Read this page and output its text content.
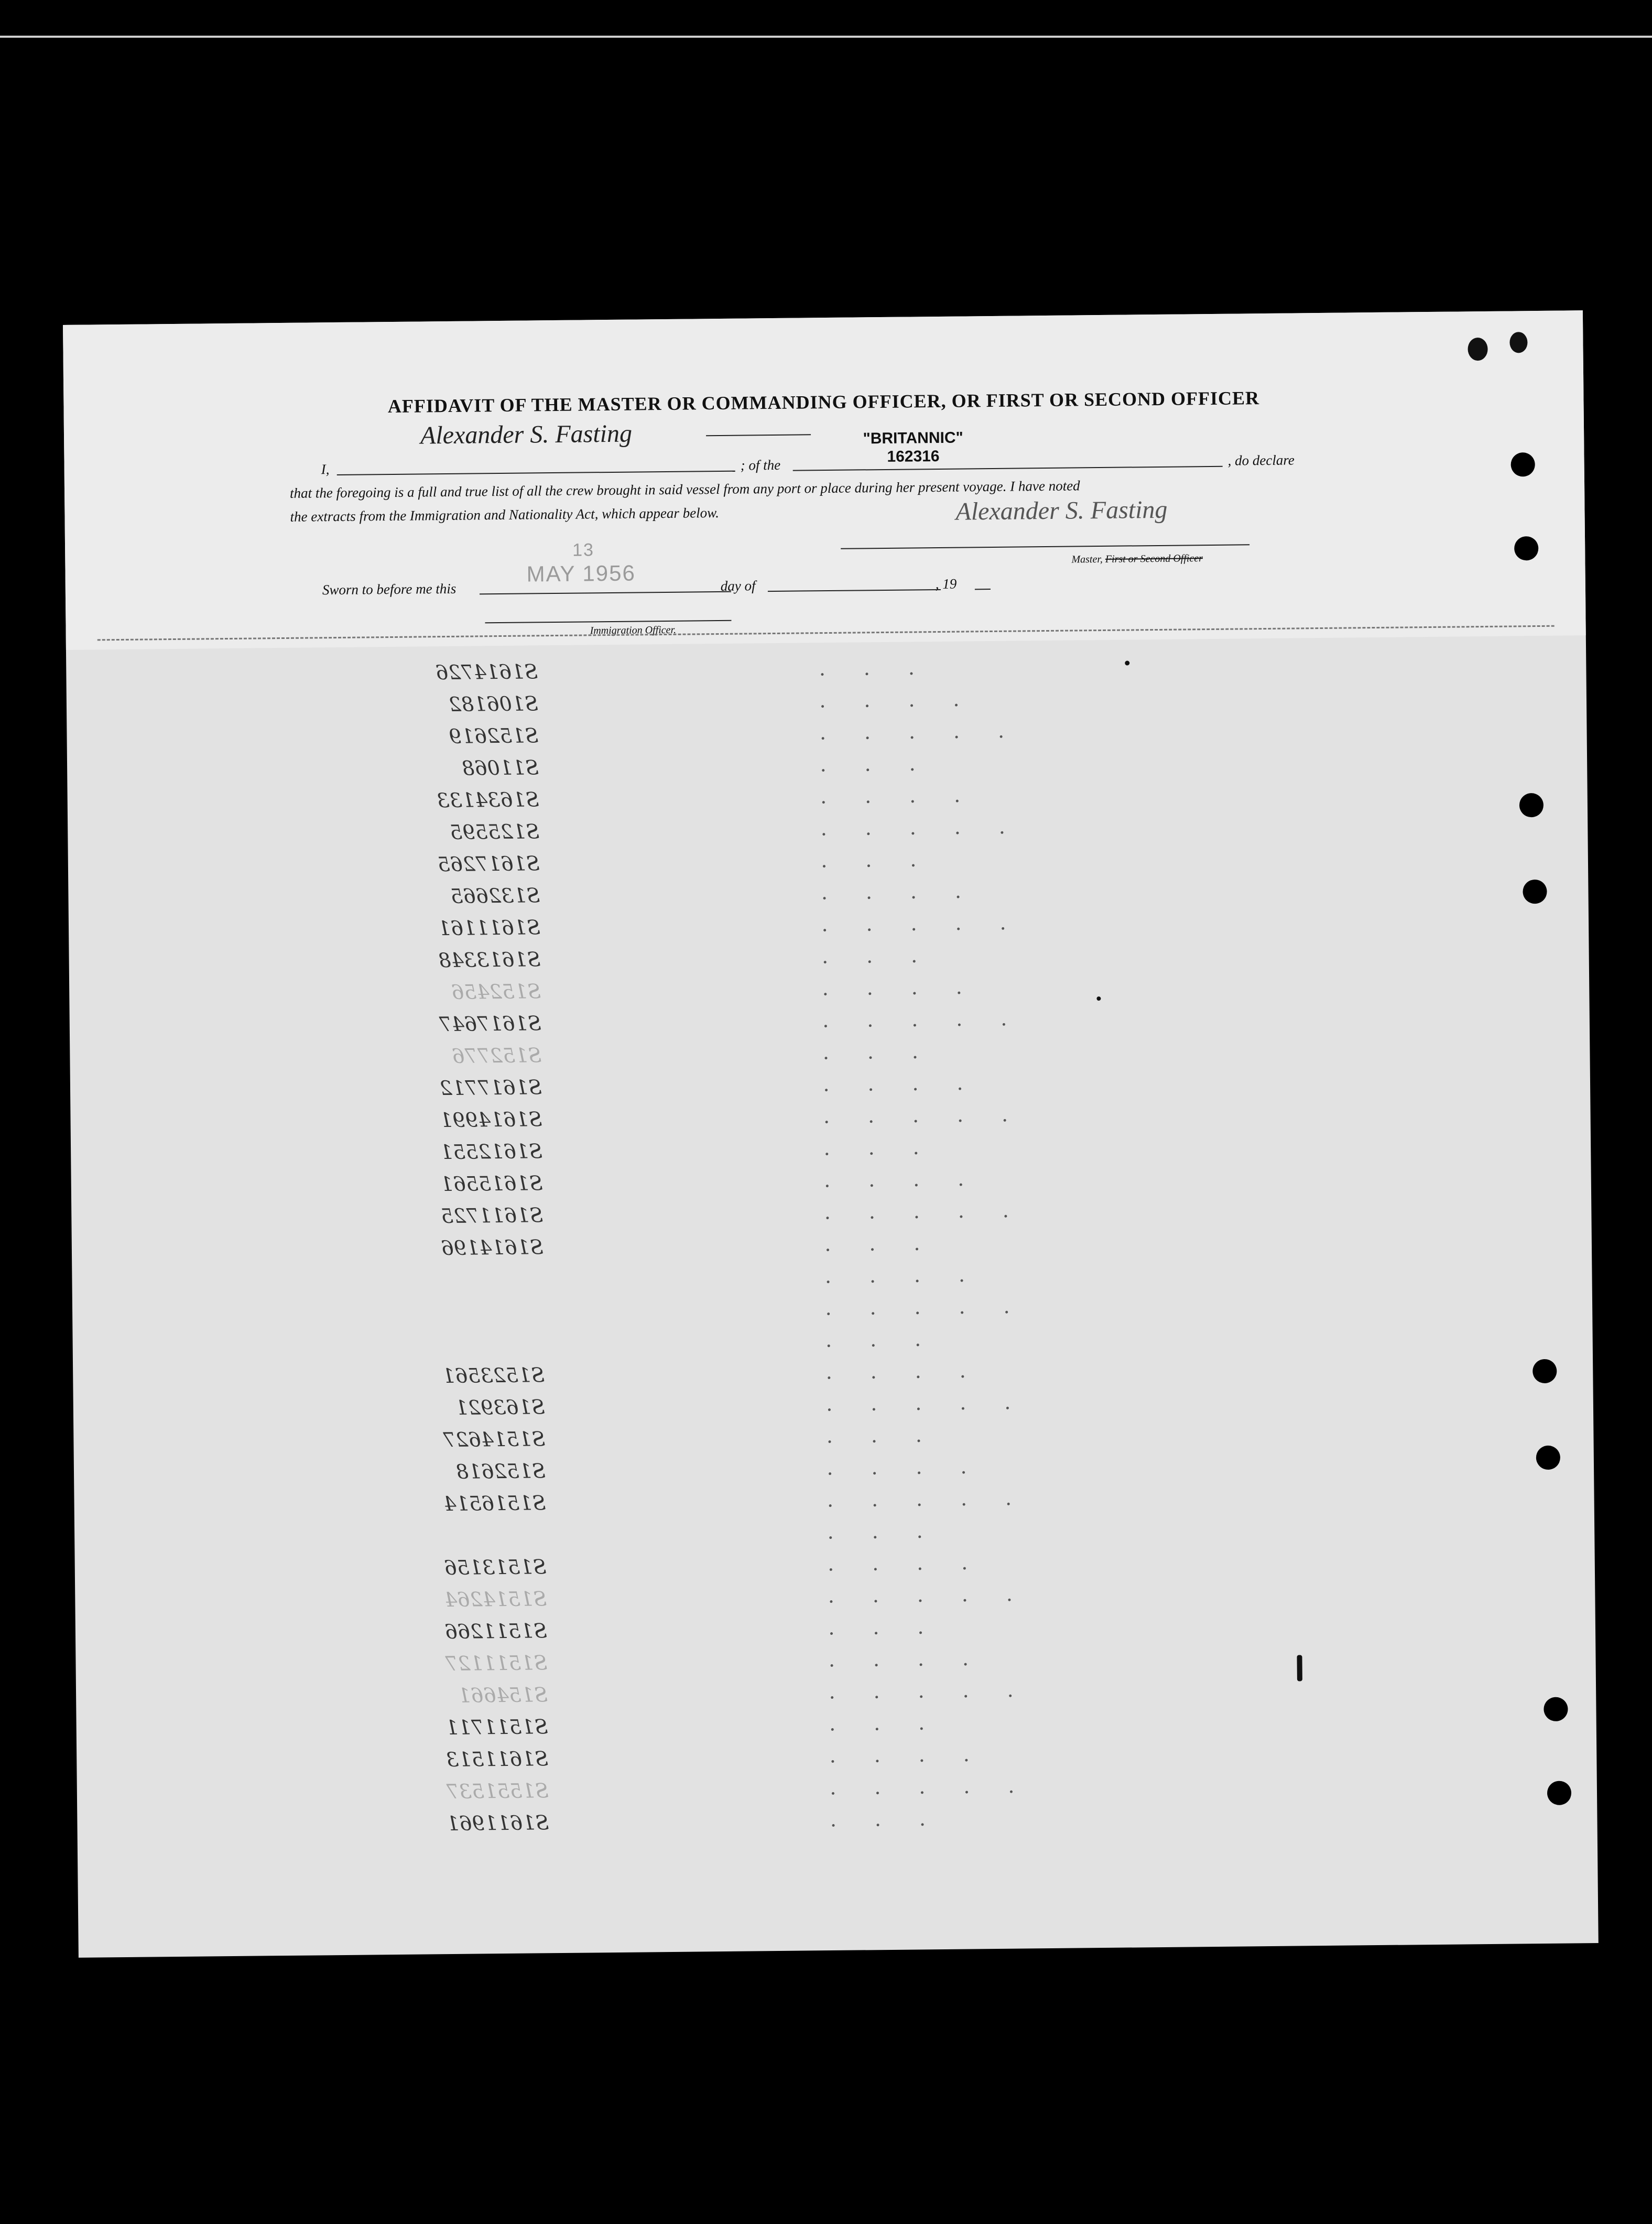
AFFIDAVIT OF THE MASTER OR COMMANDING OFFICER, OR FIRST OR SECOND OFFICER
Alexander S. Fasting
I,	; of the
"BRITANNIC"
162316	, do declare
that the foregoing is a full and true list of all the crew brought in said vessel from any port or place during her present voyage. I have noted
the extracts from the Immigration and Nationality Act, which appear below.	Alexander S. Fasting
Master, First or Second Officer
Sworn to before me this
13
MAY 1956	day of	, 19
Immigration Officer.
S1614726
S106182
S152619
S11068
S1634133
S125595
S1617265
S132665
S1611161
S1613348
S152456
S1617647
S152776
S1617712
S1614991
S1612551
S1615561
S1611725
S1614196
S1523561
S163921
S1514627
S152618
S1516514
S1513156
S1514264
S1511266
S1511127
S154661
S1511711
S1611513
S1551537
S1611961
